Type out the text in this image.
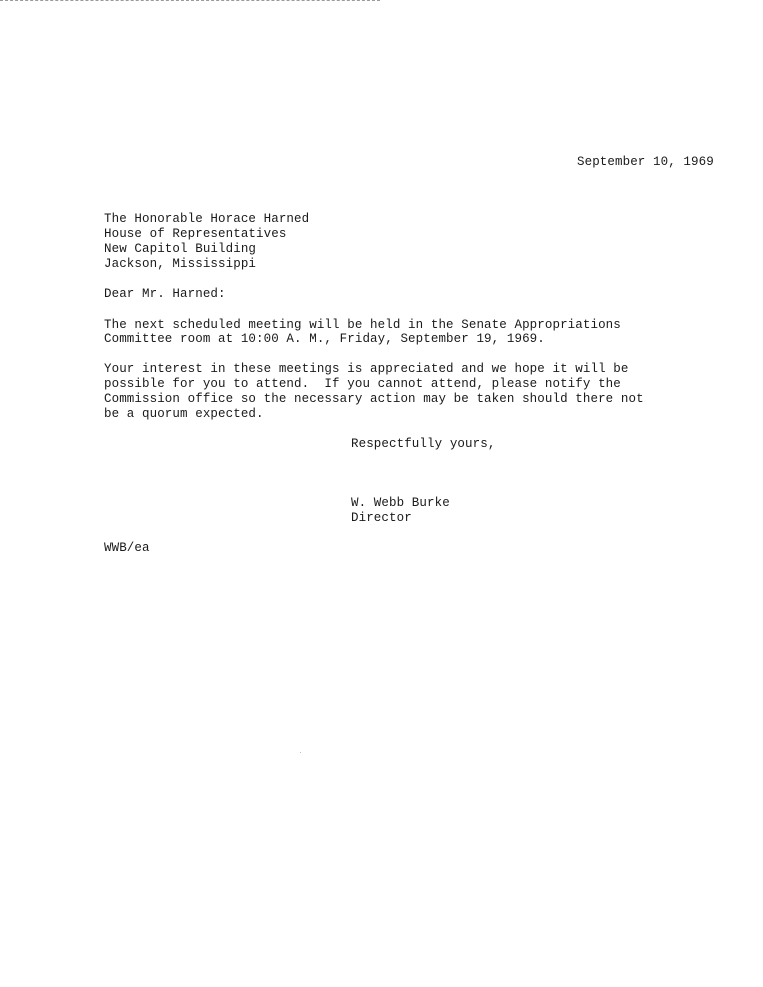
September 10, 1969
The Honorable Horace Harned
House of Representatives
New Capitol Building
Jackson, Mississippi
Dear Mr. Harned:
The next scheduled meeting will be held in the Senate Appropriations
Committee room at 10:00 A. M., Friday, September 19, 1969.
Your interest in these meetings is appreciated and we hope it will be
possible for you to attend.  If you cannot attend, please notify the
Commission office so the necessary action may be taken should there not
be a quorum expected.
Respectfully yours,
W. Webb Burke
Director
WWB/ea
